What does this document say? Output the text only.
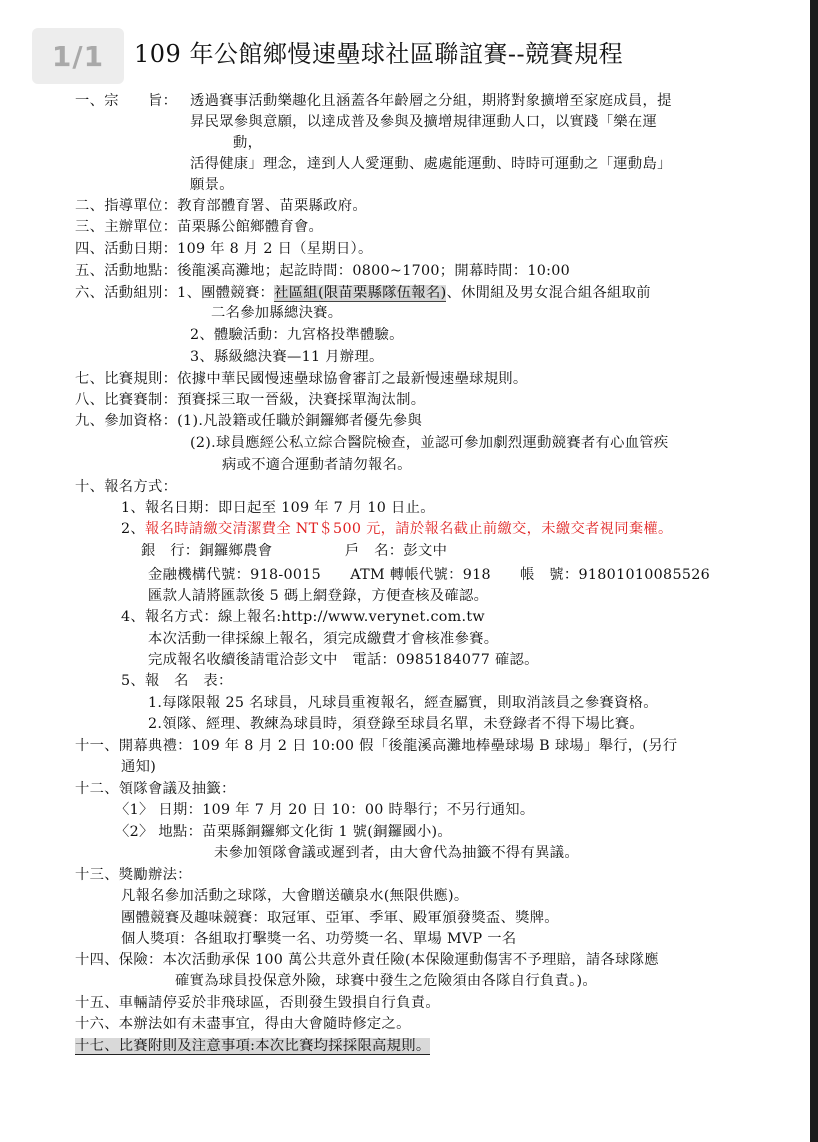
1/1	109 年公館鄉慢速壘球社區聯誼賽--競賽規程
一、宗　　旨： 透過賽事活動樂趣化且涵蓋各年齡層之分組，期將對象擴增至家庭成員，提
昇民眾參與意願，以達成普及參與及擴增規律運動人口，以實踐「樂在運
動，
活得健康」理念，達到人人愛運動、處處能運動、時時可運動之「運動島」
願景。
二、指導單位：教育部體育署、苗栗縣政府。
三、主辦單位：苗栗縣公館鄉體育會。
四、活動日期：109 年 8 月 2 日（星期日）。
五、活動地點：後龍溪高灘地；起訖時間：0800~1700；開幕時間：10:00
六、活動組別：1、團體競賽：社區組(限苗栗縣隊伍報名)、休閒組及男女混合組各組取前
二名參加縣總決賽。
2、體驗活動：九宮格投準體驗。
3、縣級總決賽—11 月辦理。
七、比賽規則：依據中華民國慢速壘球協會審訂之最新慢速壘球規則。
八、比賽賽制：預賽採三取一晉級，決賽採單淘汰制。
九、參加資格：(1).凡設籍或任職於銅鑼鄉者優先參與
(2).球員應經公私立綜合醫院檢查，並認可參加劇烈運動競賽者有心血管疾
病或不適合運動者請勿報名。
十、報名方式：
1、報名日期：即日起至 109 年 7 月 10 日止。
2、報名時請繳交清潔費全 NT＄500 元，請於報名截止前繳交，未繳交者視同棄權。
銀　行：銅鑼鄉農會	戶　名：彭文中
金融機構代號：918-0015　　ATM 轉帳代號：918　　帳　號：91801010085526
匯款人請將匯款後 5 碼上網登錄，方便查核及確認。
4、報名方式：線上報名:http://www.verynet.com.tw
本次活動一律採線上報名，須完成繳費才會核准參賽。
完成報名收續後請電洽彭文中　電話：0985184077 確認。
5、報　名　表：
1.每隊限報 25 名球員，凡球員重複報名，經查屬實，則取消該員之參賽資格。
2.領隊、經理、教練為球員時，須登錄至球員名單，未登錄者不得下場比賽。
十一、開幕典禮：109 年 8 月 2 日 10:00 假「後龍溪高灘地棒壘球場 B 球場」舉行，(另行
通知)
十二、領隊會議及抽籤：
〈1〉 日期：109 年 7 月 20 日 10：00 時舉行；不另行通知。
〈2〉 地點：苗栗縣銅鑼鄉文化街 1 號(銅鑼國小)。
未參加領隊會議或遲到者，由大會代為抽籤不得有異議。
十三、獎勵辦法：
凡報名參加活動之球隊，大會贈送礦泉水(無限供應)。
團體競賽及趣味競賽：取冠軍、亞軍、季軍、殿軍頒發獎盃、獎牌。
個人獎項：各組取打擊獎一名、功勞獎一名、單場 MVP 一名
十四、保險：本次活動承保 100 萬公共意外責任險(本保險運動傷害不予理賠，請各球隊應
確實為球員投保意外險，球賽中發生之危險須由各隊自行負責。)。
十五、車輛請停妥於非飛球區，否則發生毀損自行負責。
十六、本辦法如有未盡事宜，得由大會隨時修定之。
十七、比賽附則及注意事項:本次比賽均採採限高規則。
